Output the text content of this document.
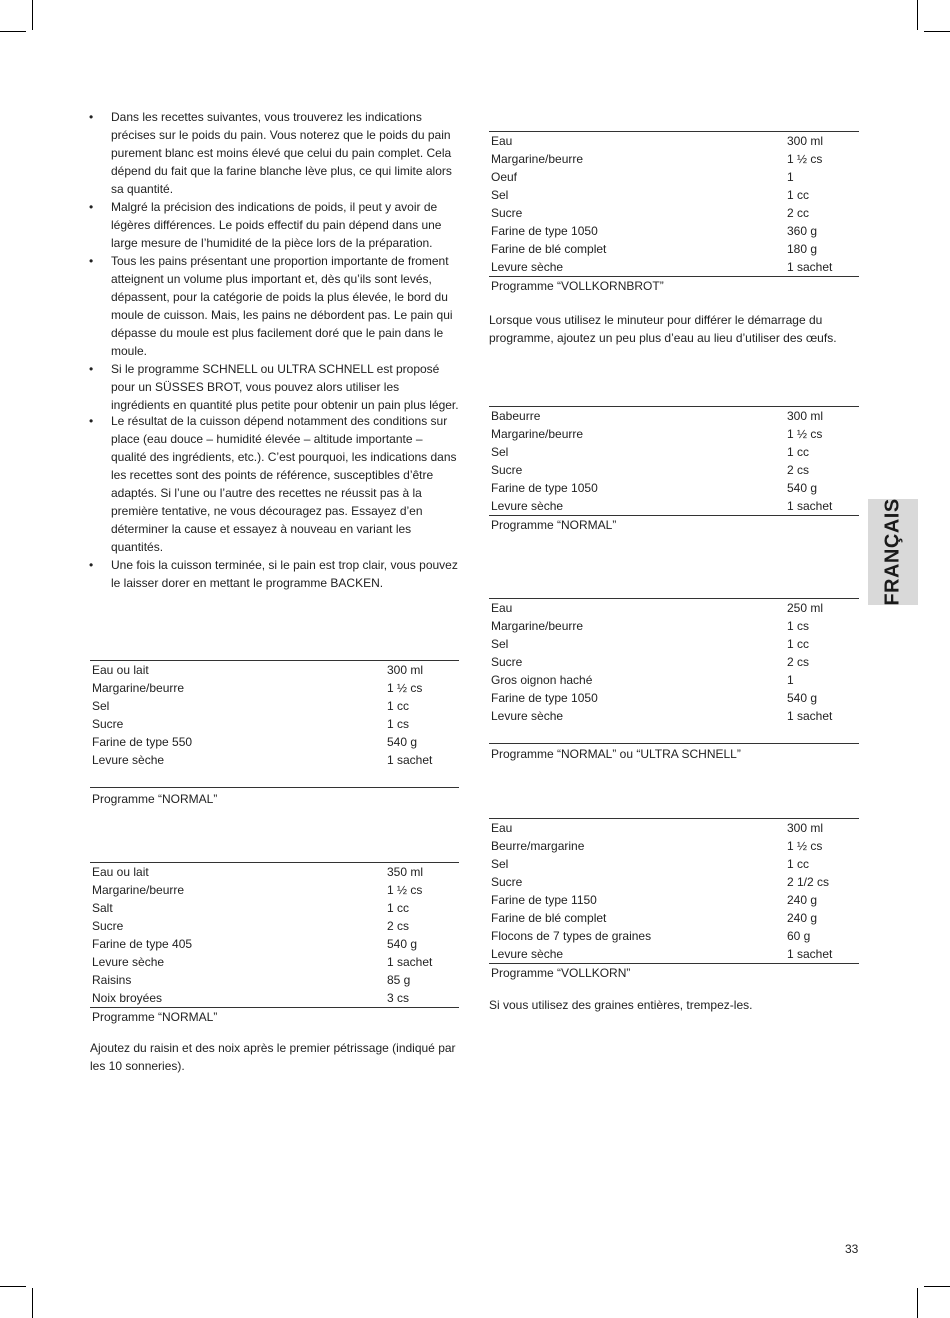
• Dans les recettes suivantes, vous trouverez les indications précises sur le poids du pain. Vous noterez que le poids du pain purement blanc est moins élevé que celui du pain complet. Cela dépend du fait que la farine blanche lève plus, ce qui limite alors sa quantité.
• Malgré la précision des indications de poids, il peut y avoir de légères différences. Le poids effectif du pain dépend dans une large mesure de l’humidité de la pièce lors de la préparation.
• Tous les pains présentant une proportion importante de froment atteignent un volume plus important et, dès qu’ils sont levés, dépassent, pour la catégorie de poids la plus élevée, le bord du moule de cuisson. Mais, les pains ne débordent pas. Le pain qui dépasse du moule est plus facilement doré que le pain dans le moule.
• Si le programme SCHNELL ou ULTRA SCHNELL est proposé pour un SÜSSES BROT, vous pouvez alors utiliser les ingrédients en quantité plus petite pour obtenir un pain plus léger.
• Le résultat de la cuisson dépend notamment des conditions sur place (eau douce – humidité élevée – altitude importante – qualité des ingrédients, etc.). C’est pourquoi, les indications dans les recettes sont des points de référence, susceptibles d’être adaptés. Si l’une ou l’autre des recettes ne réussit pas à la première tentative, ne vous découragez pas. Essayez d’en déterminer la cause et essayez à nouveau en variant les quantités.
• Une fois la cuisson terminée, si le pain est trop clair, vous pouvez le laisser dorer en mettant le programme BACKEN.
Eau ou lait	300 ml
Margarine/beurre	1 ½ cs
Sel	1 cc
Sucre	1 cs
Farine de type 550	540 g
Levure sèche	1 sachet

Programme “NORMAL”
Eau ou lait	350 ml
Margarine/beurre	1 ½ cs
Salt	1 cc
Sucre	2 cs
Farine de type 405	540 g
Levure sèche	1 sachet
Raisins	85 g
Noix broyées	3 cs
Programme “NORMAL”
Ajoutez du raisin et des noix après le premier pétrissage (indiqué par les 10 sonneries).
Eau	300 ml
Margarine/beurre	1 ½ cs
Oeuf	1
Sel	1 cc
Sucre	2 cc
Farine de type 1050	360 g
Farine de blé complet	180 g
Levure sèche	1 sachet
Programme “VOLLKORNBROT”
Lorsque vous utilisez le minuteur pour différer le démarrage du programme, ajoutez un peu plus d’eau au lieu d’utiliser des œufs.
Babeurre	300 ml
Margarine/beurre	1 ½ cs
Sel	1 cc
Sucre	2 cs
Farine de type 1050	540 g
Levure sèche	1 sachet
Programme “NORMAL”
Eau	250 ml
Margarine/beurre	1 cs
Sel	1 cc
Sucre	2 cs
Gros oignon haché	1
Farine de type 1050	540 g
Levure sèche	1 sachet

Programme “NORMAL” ou “ULTRA SCHNELL”
Eau	300 ml
Beurre/margarine	1 ½ cs
Sel	1 cc
Sucre	2 1/2 cs
Farine de type 1150	240 g
Farine de blé complet	240 g
Flocons de 7 types de graines	60 g
Levure sèche	1 sachet
Programme “VOLLKORN”
Si vous utilisez des graines entières, trempez-les.
FRANÇAIS
33
